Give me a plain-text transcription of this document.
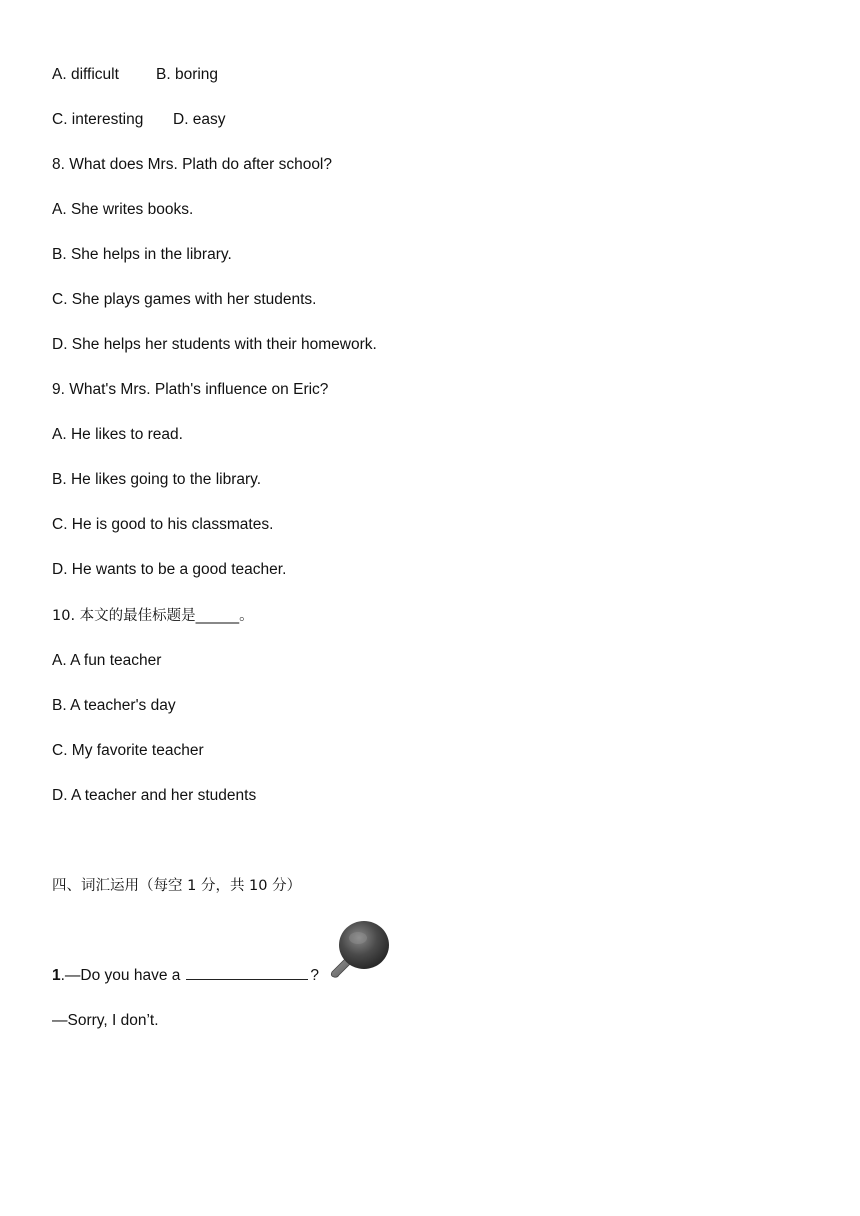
A. difficult B. boring
C. interesting D. easy
8. What does Mrs. Plath do after school?
A. She writes books.
B. She helps in the library.
C. She plays games with her students.
D. She helps her students with their homework.
9. What's Mrs. Plath's influence on Eric?
A. He likes to read.
B. He likes going to the library.
C. He is good to his classmates.
D. He wants to be a good teacher.
10. 本文的最佳标题是______。
A. A fun teacher
B. A teacher's day
C. My favorite teacher
D. A teacher and her students
四、词汇运用（每空 1 分，共 10 分）
1.—Do you have a	?
—Sorry, I don’t.
